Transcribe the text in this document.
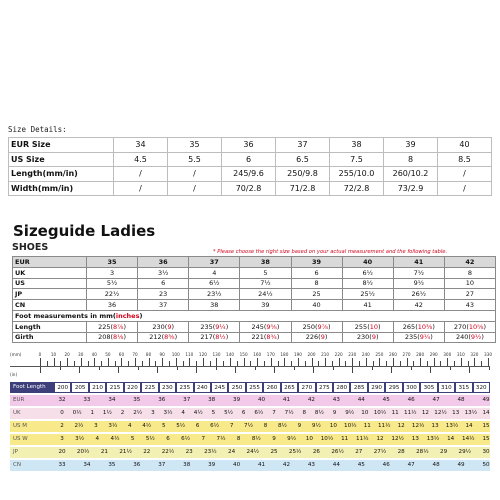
Size Details:
EUR Size	34	35	36	37	38	39	40
US Size	4.5	5.5	6	6.5	7.5	8	8.5
Length(mm/in)	/	/	245/9.6	250/9.8	255/10.0	260/10.2	/
Width(mm/in)	/	/	70/2.8	71/2.8	72/2.8	73/2.9	/
Sizeguide Ladies
SHOES	* Please choose the right size based on your actual measurement and the following table.
EUR	35	36	37	38	39	40	41	42
UK	3	3½	4	5	6	6½	7½	8
US	5½	6	6½	7½	8	8½	9½	10
JP	22½	23	23½	24½	25	25½	26½	27
CN	36	37	38	39	40	41	42	43
Foot measurements in mm(inches)								
Length	225(8⅞)	230(9)	235(9¼)	245(9⅝)	250(9⅞)	255(10)	265(10⅜)	270(10⅝)
Girth	208(8⅛)	212(8⅜)	217(8½)	221(8¾)	226(9)	230(9)	235(9¼)	240(9½)
(mm)
(in)
0 10 20 30 40 50 60 70 80 90 100 110 120 130 140 150 160 170 180 190 200 210 220 230 240 250 260 270 280 290 300 310 320 330
Foot Length	200	205	210	215	220	225	230	235	240	245	250	255	260	265	270	275	280	285	290	295	300	305	310	315	320
EUR	32	33	34	35	36	37	38	39	40	41	42	43	44	45	46	47	48	49
UK	0 0½ 1 1½ 2 2½ 3 3½ 4 4½ 5 5½ 6 6½ 7 7½ 8 8½ 9 9½ 10 10½ 11 11½ 12 12½ 13 13½ 14
US M	2 2½ 3 3½ 4 4½ 5 5½ 6 6½ 7 7½ 8 8½ 9 9½ 10 10½ 11 11½ 12 12½ 13 13½ 14 15
US W	3 3½ 4 4½ 5 5½ 6 6½ 7 7½ 8 8½ 9 9½ 10 10½ 11 11½ 12 12½ 13 13½ 14 14½ 15
JP	20 20½ 21 21½ 22 22½ 23 23½ 24 24½ 25 25½ 26 26½ 27 27½ 28 28½ 29 29½ 30
CN	33	34	35	36	37	38	39	40	41	42	43	44	45	46	47	48	49	50
